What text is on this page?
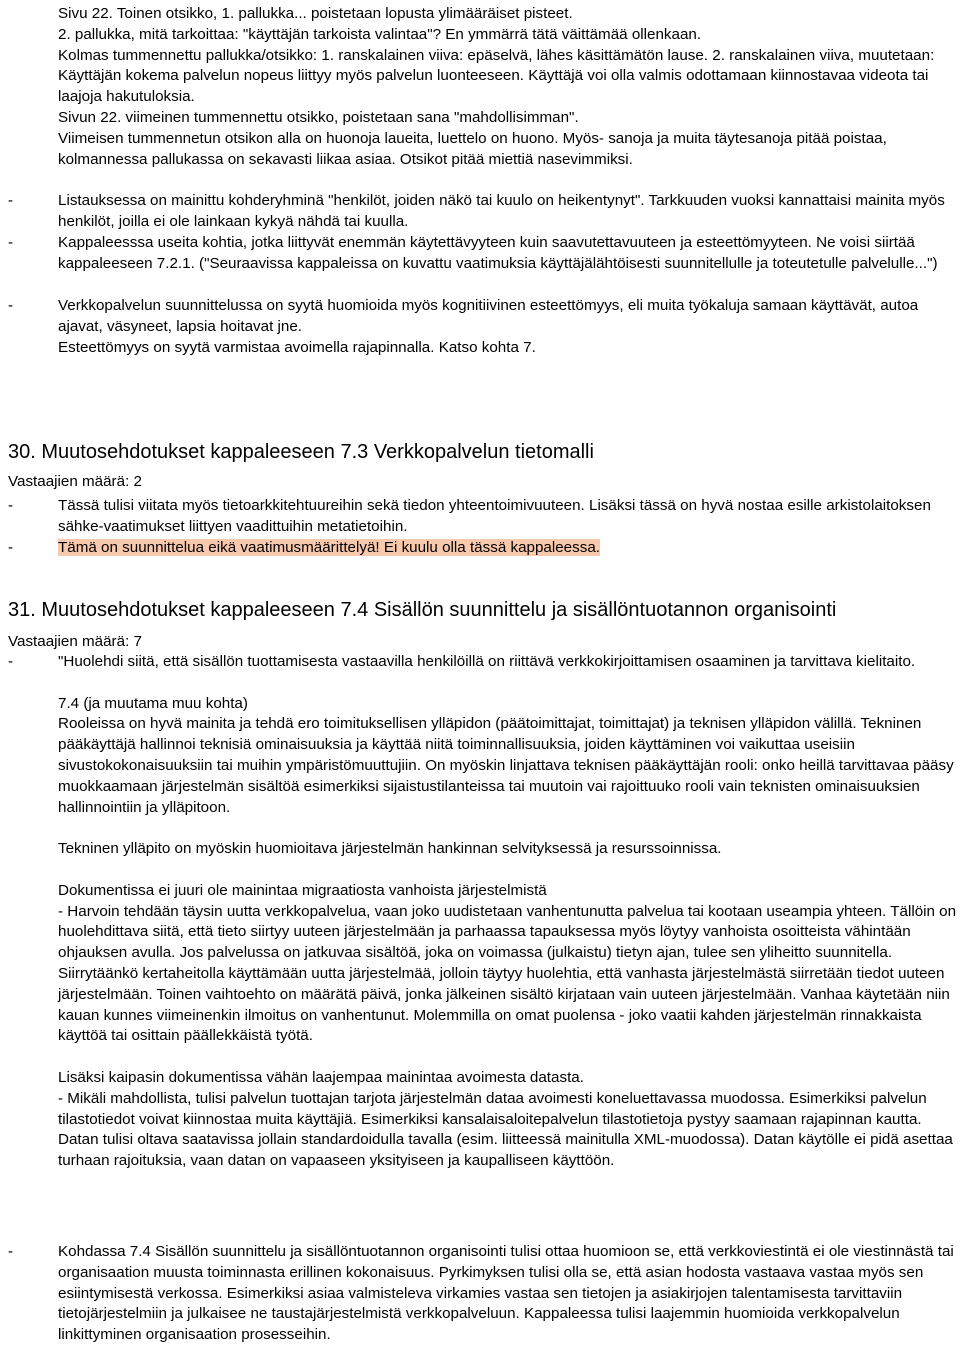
Sivu 22. Toinen otsikko, 1. pallukka... poistetaan lopusta ylimääräiset pisteet.

2. pallukka, mitä tarkoittaa: "käyttäjän tarkoista valintaa"? En ymmärrä tätä väittämää ollenkaan.

Kolmas tummennettu pallukka/otsikko: 1. ranskalainen viiva: epäselvä, lähes käsittämätön lause. 2. ranskalainen viiva, muutetaan: Käyttäjän kokema palvelun nopeus liittyy myös palvelun luonteeseen. Käyttäjä voi olla valmis odottamaan kiinnostavaa videota tai laajoja hakutuloksia.

Sivun 22. viimeinen tummennettu otsikko, poistetaan sana "mahdollisimman".

Viimeisen tummennetun otsikon alla on huonoja laueita, luettelo on huono. Myös- sanoja ja muita täytesanoja pitää poistaa, kolmannessa pallukassa on sekavasti liikaa asiaa. Otsikot pitää miettiä nasevimmiksi.

-	Listauksessa on mainittu kohderyhminä "henkilöt, joiden näkö tai kuulo on heikentynyt". Tarkkuuden vuoksi kannattaisi mainita myös henkilöt, joilla ei ole lainkaan kykyä nähdä tai kuulla.

-	Kappaleesssa useita kohtia, jotka liittyvät enemmän käytettävyyteen kuin saavutettavuuteen ja esteettömyyteen. Ne voisi siirtää kappaleeseen 7.2.1. ("Seuraavissa kappaleissa on kuvattu vaatimuksia käyttäjälähtöisesti suunnitellulle ja toteutetulle palvelulle...")

-	Verkkopalvelun suunnittelussa on syytä huomioida myös kognitiivinen esteettömyys, eli muita työkaluja samaan käyttävät, autoa ajavat, väsyneet, lapsia hoitavat jne.

Esteettömyys on syytä varmistaa avoimella rajapinnalla. Katso kohta 7.

30. Muutosehdotukset kappaleeseen 7.3 Verkkopalvelun tietomalli
Vastaajien määrä: 2
-	Tässä tulisi viitata myös tietoarkkitehtuureihin sekä tiedon yhteentoimivuuteen. Lisäksi tässä on hyvä nostaa esille arkistolaitoksen sähke-vaatimukset liittyen vaadittuihin metatietoihin.

-	Tämä on suunnittelua eikä vaatimusmäärittelyä! Ei kuulu olla tässä kappaleessa.

31. Muutosehdotukset kappaleeseen 7.4 Sisällön suunnittelu ja sisällöntuotannon organisointi
Vastaajien määrä: 7
-	"Huolehdi siitä, että sisällön tuottamisesta vastaavilla henkilöillä on riittävä verkkokirjoittamisen osaaminen ja tarvittava kielitaito.

7.4 (ja muutama muu kohta)

Rooleissa on hyvä mainita ja tehdä ero toimituksellisen ylläpidon (päätoimittajat, toimittajat) ja teknisen ylläpidon välillä. Tekninen pääkäyttäjä hallinnoi teknisiä ominaisuuksia ja käyttää niitä toiminnallisuuksia, joiden käyttäminen voi vaikuttaa useisiin sivustokokonaisuuksiin tai muihin ympäristömuuttujiin. On myöskin linjattava teknisen pääkäyttäjän rooli: onko heillä tarvittavaa pääsy muokkaamaan järjestelmän sisältöä esimerkiksi sijaistustilanteissa tai muutoin vai rajoittuuko rooli vain teknisten ominaisuuksien hallinnointiin ja ylläpitoon.

Tekninen ylläpito on myöskin huomioitava järjestelmän hankinnan selvityksessä ja resurssoinnissa.

Dokumentissa ei juuri ole mainintaa migraatiosta vanhoista järjestelmistä

- Harvoin tehdään täysin uutta verkkopalvelua, vaan joko uudistetaan vanhentunutta palvelua tai kootaan useampia yhteen. Tällöin on huolehdittava siitä, että tieto siirtyy uuteen järjestelmään ja parhaassa tapauksessa myös löytyy vanhoista osoitteista vähintään ohjauksen avulla. Jos palvelussa on jatkuvaa sisältöä, joka on voimassa (julkaistu) tietyn ajan, tulee sen yliheitto suunnitella. Siirrytäänkö kertaheitolla käyttämään uutta järjestelmää, jolloin täytyy huolehtia, että vanhasta järjestelmästä siirretään tiedot uuteen järjestelmään. Toinen vaihtoehto on määrätä päivä, jonka jälkeinen sisältö kirjataan vain uuteen järjestelmään. Vanhaa käytetään niin kauan kunnes viimeinenkin ilmoitus on vanhentunut. Molemmilla on omat puolensa - joko vaatii kahden järjestelmän rinnakkaista käyttöä tai osittain päällekkäistä työtä.

Lisäksi kaipasin dokumentissa vähän laajempaa mainintaa avoimesta datasta.

- Mikäli mahdollista, tulisi palvelun tuottajan tarjota järjestelmän dataa avoimesti koneluettavassa muodossa. Esimerkiksi palvelun tilastotiedot voivat kiinnostaa muita käyttäjiä. Esimerkiksi kansalaisaloitepalvelun tilastotietoja pystyy saamaan rajapinnan kautta. Datan tulisi oltava saatavissa jollain standardoidulla tavalla (esim. liitteessä mainitulla XML-muodossa). Datan käytölle ei pidä asettaa turhaan rajoituksia, vaan datan on vapaaseen yksityiseen ja kaupalliseen käyttöön.

-	Kohdassa 7.4 Sisällön suunnittelu ja sisällöntuotannon organisointi tulisi ottaa huomioon se, että verkkoviestintä ei ole viestinnästä tai organisaation muusta toiminnasta erillinen kokonaisuus. Pyrkimyksen tulisi olla se, että asian hodosta vastaava vastaa myös sen esiintymisestä verkossa. Esimerkiksi asiaa valmisteleva virkamies vastaa sen tietojen ja asiakirjojen talentamisesta tarvittaviin tietojärjestelmiin ja julkaisee ne taustajärjestelmistä verkkopalveluun. Kappaleessa tulisi laajemmin huomioida verkkopalvelun linkittyminen organisaation prosesseihin.
